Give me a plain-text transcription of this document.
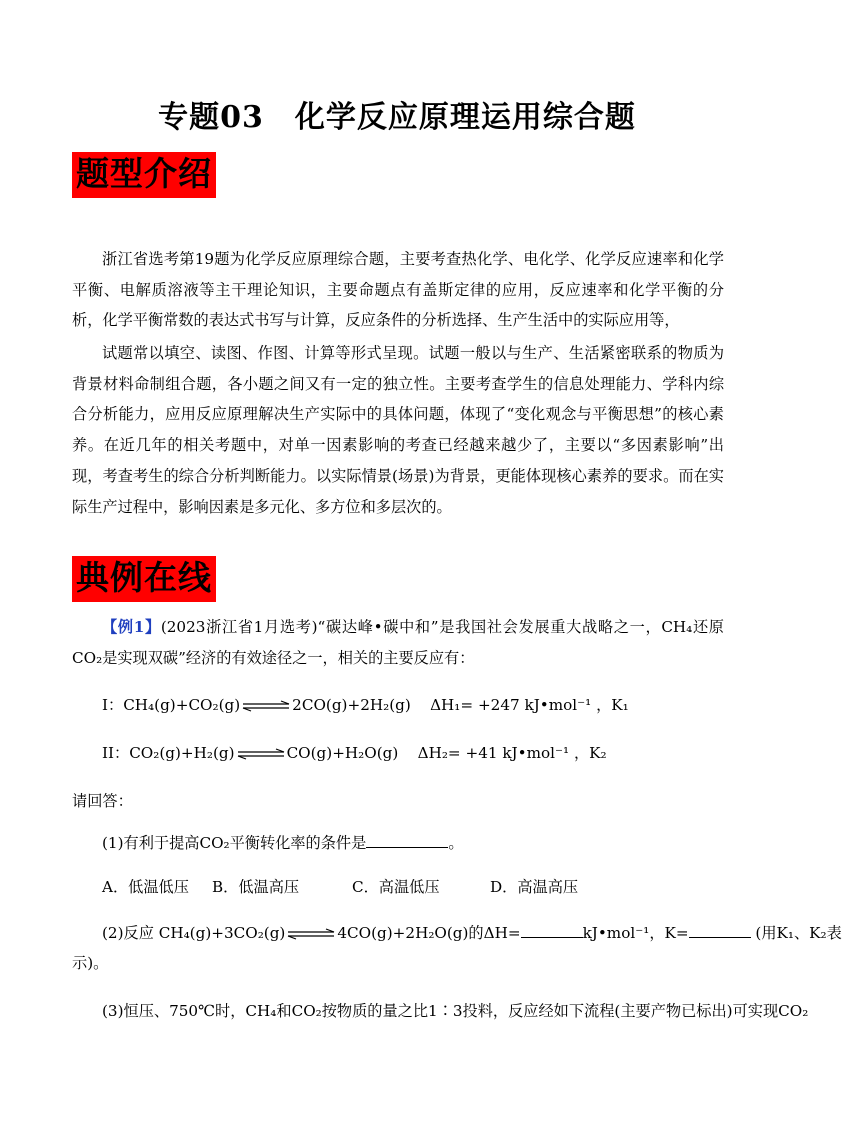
专题03　化学反应原理运用综合题
题型介绍
浙江省选考第19题为化学反应原理综合题，主要考查热化学、电化学、化学反应速率和化学平衡、电解质溶液等主干理论知识，主要命题点有盖斯定律的应用，反应速率和化学平衡的分析，化学平衡常数的表达式书写与计算，反应条件的分析选择、生产生活中的实际应用等，
试题常以填空、读图、作图、计算等形式呈现。试题一般以与生产、生活紧密联系的物质为背景材料命制组合题，各小题之间又有一定的独立性。主要考查学生的信息处理能力、学科内综合分析能力，应用反应原理解决生产实际中的具体问题，体现了“变化观念与平衡思想”的核心素养。在近几年的相关考题中，对单一因素影响的考查已经越来越少了，主要以“多因素影响”出现，考查考生的综合分析判断能力。以实际情景(场景)为背景，更能体现核心素养的要求。而在实际生产过程中，影响因素是多元化、多方位和多层次的。
典例在线
【例1】(2023浙江省1月选考)“碳达峰•碳中和”是我国社会发展重大战略之一，CH₄还原CO₂是实现双碳”经济的有效途径之一，相关的主要反应有：
I：CH₄(g)+CO₂(g) ⇌ 2CO(g)+2H₂(g) ΔH₁= +247 kJ•mol⁻¹ ，K₁
II：CO₂(g)+H₂(g) ⇌ CO(g)+H₂O(g) ΔH₂= +41 kJ•mol⁻¹ ，K₂
请回答：
(1)有利于提高CO₂平衡转化率的条件是	。
A．低温低压 B．低温高压	C．高温低压	D．高温高压
(2)反应 CH₄(g)+3CO₂(g) ⇌ 4CO(g)+2H₂O(g)的ΔH=	kJ•mol⁻¹，K=	(用K₁、K₂表
示)。
(3)恒压、750℃时，CH₄和CO₂按物质的量之比1∶3投料，反应经如下流程(主要产物已标出)可实现CO₂
